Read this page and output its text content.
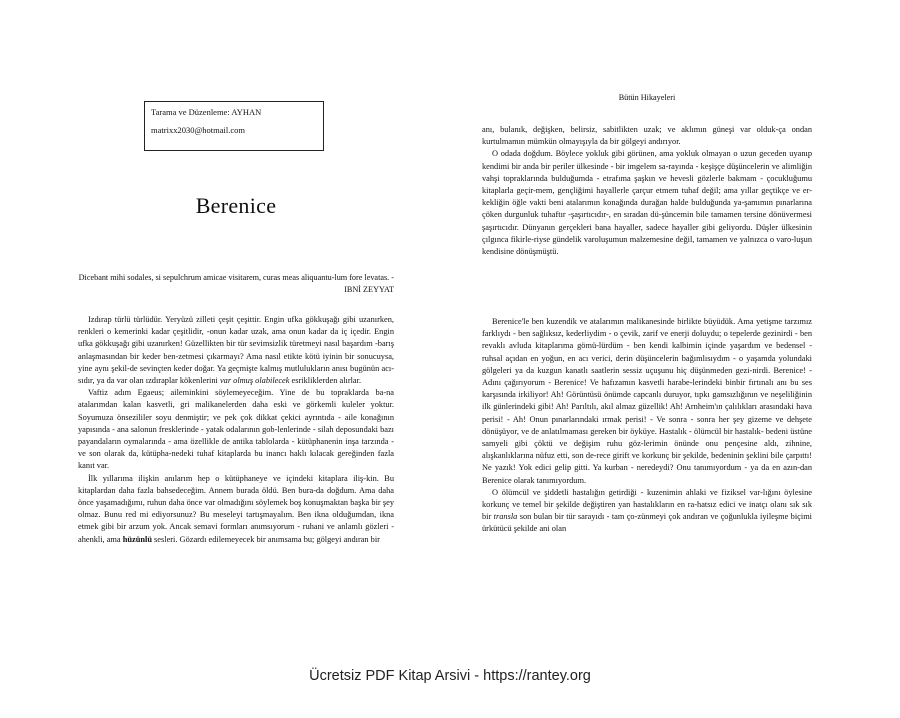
Tarama ve Düzenleme: AYHAN
matrixx2030@hotmail.com
Berenice
Dicebant mihi sodales, si sepulchrum amicae visitarem, curas meas aliquantu-lum fore levatas. - IBNİ ZEYYAT

Izdırap türlü türlüdür. Yeryüzü zilleti çeşit çeşittir. Engin ufka gökkuşağı gibi uzanırken, renkleri o kemerinki kadar çeşitlidir, -onun kadar uzak, ama onun kadar da iç içedir. Engin ufka gökkuşağı gibi uzanırken! Güzellikten bir tür sevimsizlik türetmeyi nasıl başardım -barış anlaşmasından bir keder ben-zetmesi çıkarmayı? Ama nasıl etikte kötü iyinin bir sonucuysa, yine aynı şekil-de sevinçten keder doğar. Ya geçmişte kalmış mutlulukların anısı bugünün acı-sıdır, ya da var olan ızdıraplar kökenlerini var olmuş olabilecek esrikliklerden alırlar.

Vaftiz adım Egaeus; aileminkini söylemeyeceğim. Yine de bu topraklarda ba-na atalarımdan kalan kasvetli, gri malikanelerden daha eski ve görkemli kuleler yoktur. Soyumuza önsezililer soyu denmiştir; ve pek çok dikkat çekici ayrıntıda - aile konağının yapısında - ana salonun fresklerinde - yatak odalarının gob-lenlerinde - silah deposundaki bazı payandaların oymalarında - ama özellikle de antika tablolarda - kütüphanenin inşa tarzında - ve son olarak da, kütüpha-nedeki tuhaf kitaplarda bu inancı haklı kılacak gereğinden fazla kanıt var.

İlk yıllarıma ilişkin anılarım hep o kütüphaneye ve içindeki kitaplara iliş-kin. Bu kitaplardan daha fazla bahsedeceğim. Annem burada öldü. Ben bura-da doğdum. Ama daha önce yaşamadığımı, ruhun daha önce var olmadığını söylemek boş konuşmaktan başka bir şey olmaz. Bunu red mi ediyorsunuz? Bu meseleyi tartışmayalım. Ben ikna olduğumdan, ikna etmek gibi bir arzum yok. Ancak semavi formları anımsıyorum - ruhani ve anlamlı gözleri - ahenkli, ama hüzünlü sesleri. Gözardı edilemeyecek bir anımsama bu; gölgeyi andıran bir

Bütün Hikayeleri

anı, bulanık, değişken, belirsiz, sabitlikten uzak; ve aklımın güneşi var olduk-ça ondan kurtulmamın mümkün olmayışıyla da bir gölgeyi andırıyor.

O odada doğdum. Böylece yokluk gibi görünen, ama yokluk olmayan o uzun geceden uyanıp kendimi bir anda bir periler ülkesinde - bir imgelem sa-rayında - keşişçe düşüncelerin ve alimliğin vahşi topraklarında bulduğumda - etrafıma şaşkın ve hevesli gözlerle bakmam - çocukluğumu kitaplarla geçir-mem, gençliğimi hayallerle çarçur etmem tuhaf değil; ama yıllar geçtikçe ve er-kekliğin öğle vakti beni atalarımın konağında durağan halde bulduğunda ya-şamımın pınarlarına çöken durgunluk tuhaftır -şaşırtıcıdır-, en sıradan dü-şüncemin bile tamamen tersine dönüvermesi şaşırtıcıdır. Dünyanın gerçekleri bana hayaller, sadece hayaller gibi geliyordu. Düşler ülkesinin çılgınca fikirle-riyse gündelik varoluşumun malzemesine değil, tamamen ve yalnızca o varo-luşun kendisine dönüşmüştü.

Berenice'le ben kuzendik ve atalarımın malikanesinde birlikte büyüdük. Ama yetişme tarzımız farklıydı - ben sağlıksız, kederliydim - o çevik, zarif ve enerji doluydu; o tepelerde gezinirdi - ben revaklı avluda kitaplarıma gömü-lürdüm - ben kendi kalbimin içinde yaşardım ve bedensel - ruhsal açıdan en yoğun, en acı verici, derin düşüncelerin bağımlısıydım - o yaşamda yolundaki gölgeleri ya da kuzgun kanatlı saatlerin sessiz uçuşunu hiç düşünmeden gezi-nirdi. Berenice! - Adını çağırıyorum - Berenice! Ve hafızamın kasvetli harabe-lerindeki binbir fırtınalı anı bu ses karşısında irkiliyor! Ah! Görüntüsü önümde capcanlı duruyor, tıpkı gamsızlığının ve neşeliliğinin ilk günlerindeki gibi! Ah! Parıltılı, akıl almaz güzellik! Ah! Arnheim'ın çalılıkları arasındaki hava perisi! - Ah! Onun pınarlarındaki ırmak perisi! - Ve sonra - sonra her şey gizeme ve dehşete dönüşüyor, ve de anlatılmaması gereken bir öyküye. Hastalık - ölümcül bir hastalık- bedeni üstüne samyeli gibi çöktü ve değişim ruhu göz-lerimin önünde onu pençesine aldı, zihnine, alışkanlıklarına nüfuz etti, son de-rece girift ve korkunç bir şekilde, bedeninin şeklini bile çarpıttı! Ne yazık! Yok edici gelip gitti. Ya kurban - neredeydi? Onu tanımıyordum - ya da en azın-dan Berenice olarak tanımıyordum.

O ölümcül ve şiddetli hastalığın getirdiği - kuzenimin ahlaki ve fiziksel var-lığını öylesine korkunç ve temel bir şekilde değiştiren yan hastalıkların en ra-hatsız edici ve inatçı olanı sık sık bir transla son bulan bir tür sarayıdı - tam ço-zünmeyi çok andıran ve çoğunlukla iyileşme biçimi ürkütücü şekilde ani olan

Ücretsiz PDF Kitap Arsivi - https://rantey.org
